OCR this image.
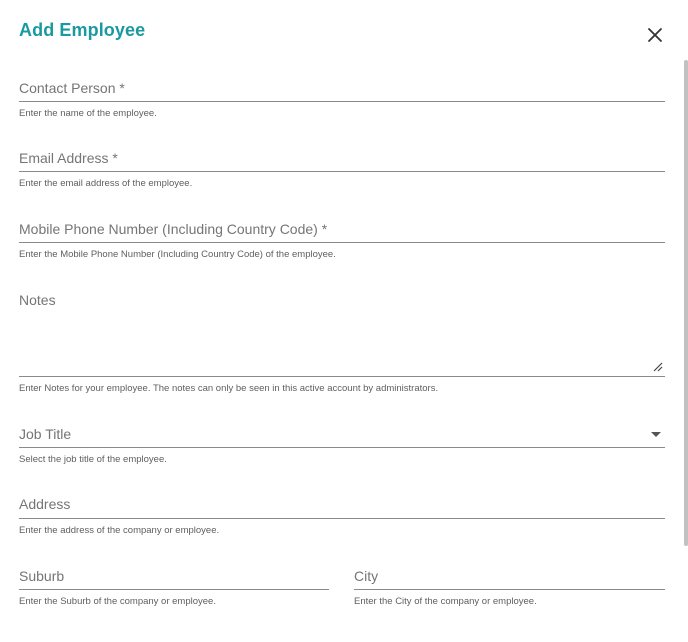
Add Employee
Contact Person *
Enter the name of the employee.
Email Address *
Enter the email address of the employee.
Mobile Phone Number (Including Country Code) *
Enter the Mobile Phone Number (Including Country Code) of the employee.
Notes
Enter Notes for your employee. The notes can only be seen in this active account by administrators.
Job Title
Select the job title of the employee.
Address
Enter the address of the company or employee.
Suburb
Enter the Suburb of the company or employee.
City
Enter the City of the company or employee.
